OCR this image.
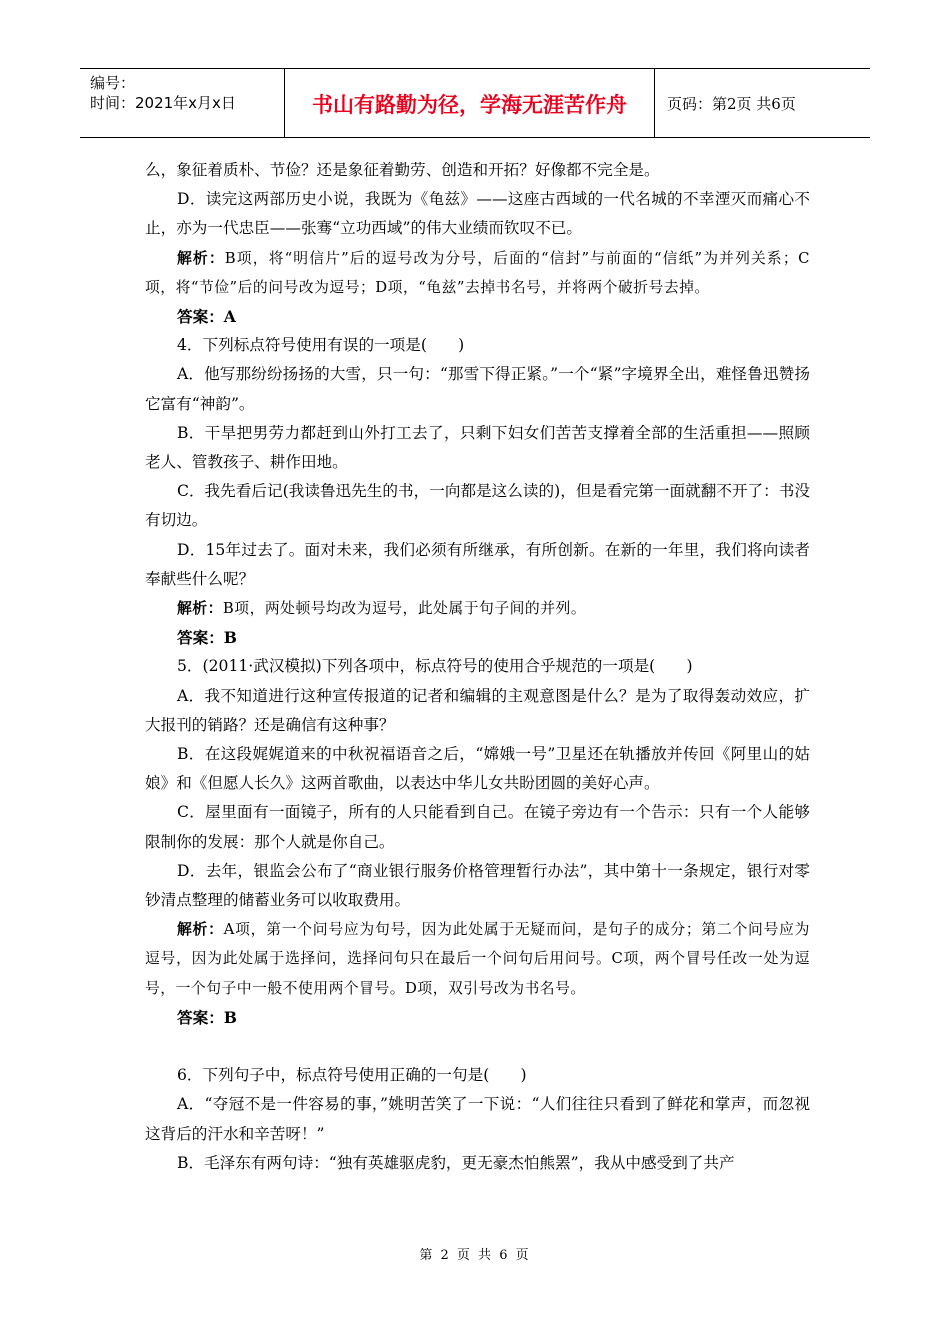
编号：
时间：2021年x月x日	书山有路勤为径，学海无涯苦作舟	页码：第2页 共6页

么，象征着质朴、节俭？还是象征着勤劳、创造和开拓？好像都不完全是。

D．读完这两部历史小说，我既为《龟兹》——这座古西域的一代名城的不幸湮灭而痛心不止，亦为一代忠臣——张骞“立功西域”的伟大业绩而钦叹不已。

解析：B项，将“明信片”后的逗号改为分号，后面的“信封”与前面的“信纸”为并列关系；C项，将“节俭”后的问号改为逗号；D项，“龟兹”去掉书名号，并将两个破折号去掉。

答案：A

4．下列标点符号使用有误的一项是(　　)

A．他写那纷纷扬扬的大雪，只一句：“那雪下得正紧。”一个“紧”字境界全出，难怪鲁迅赞扬它富有“神韵”。

B．干旱把男劳力都赶到山外打工去了，只剩下妇女们苦苦支撑着全部的生活重担——照顾老人、管教孩子、耕作田地。

C．我先看后记(我读鲁迅先生的书，一向都是这么读的)，但是看完第一面就翻不开了：书没有切边。

D．15年过去了。面对未来，我们必须有所继承，有所创新。在新的一年里，我们将向读者奉献些什么呢？

解析：B项，两处顿号均改为逗号，此处属于句子间的并列。

答案：B

5．(2011·武汉模拟)下列各项中，标点符号的使用合乎规范的一项是(　　)

A．我不知道进行这种宣传报道的记者和编辑的主观意图是什么？是为了取得轰动效应，扩大报刊的销路？还是确信有这种事？

B．在这段娓娓道来的中秋祝福语音之后，“嫦娥一号”卫星还在轨播放并传回《阿里山的姑娘》和《但愿人长久》这两首歌曲，以表达中华儿女共盼团圆的美好心声。

C．屋里面有一面镜子，所有的人只能看到自己。在镜子旁边有一个告示：只有一个人能够限制你的发展：那个人就是你自己。

D．去年，银监会公布了“商业银行服务价格管理暂行办法”，其中第十一条规定，银行对零钞清点整理的储蓄业务可以收取费用。

解析：A项，第一个问号应为句号，因为此处属于无疑而问，是句子的成分；第二个问号应为逗号，因为此处属于选择问，选择问句只在最后一个问句后用问号。C项，两个冒号任改一处为逗号，一个句子中一般不使用两个冒号。D项，双引号改为书名号。

答案：B

6．下列句子中，标点符号使用正确的一句是(　　)

A．“夺冠不是一件容易的事，”姚明苦笑了一下说：“人们往往只看到了鲜花和掌声，而忽视这背后的汗水和辛苦呀！”

B．毛泽东有两句诗：“独有英雄驱虎豹，更无豪杰怕熊罴”，我从中感受到了共产

第 2 页 共 6 页
